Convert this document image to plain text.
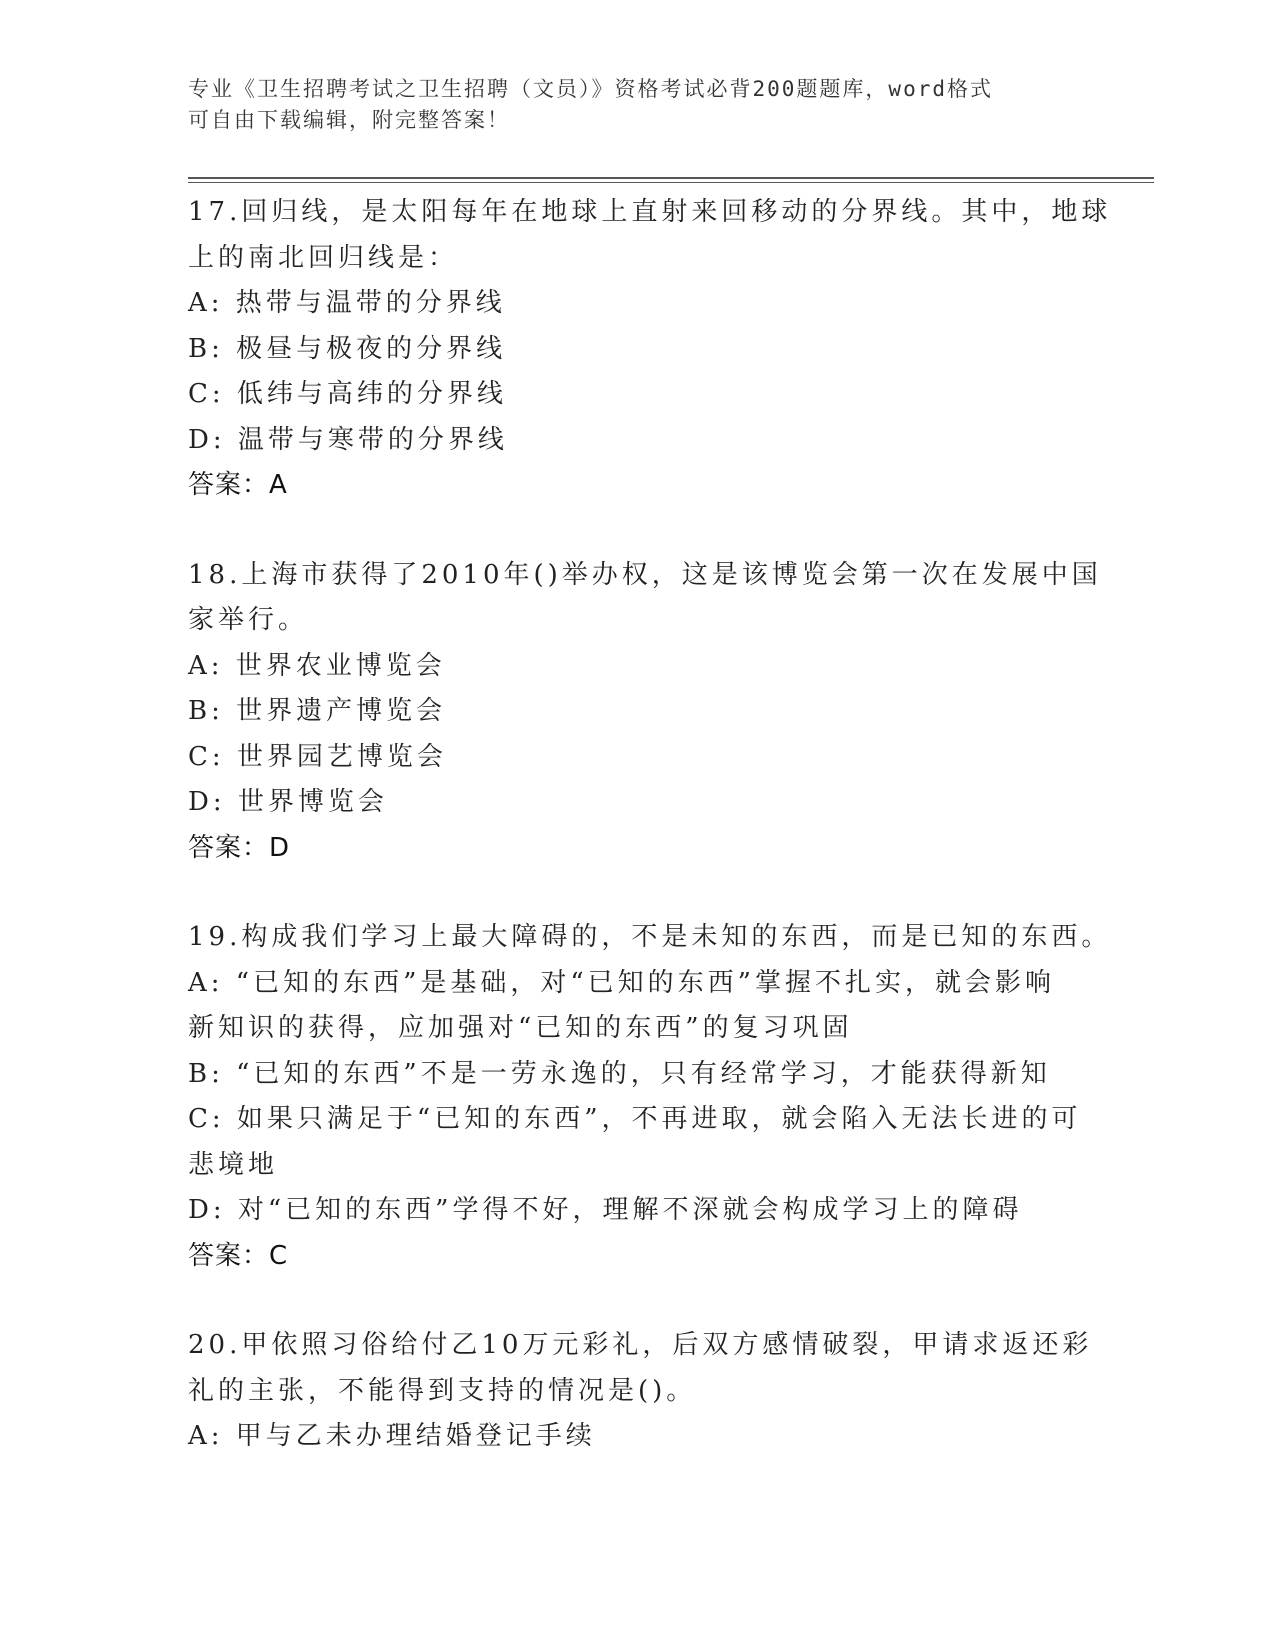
专业《卫生招聘考试之卫生招聘（文员）》资格考试必背200题题库，word格式
可自由下载编辑，附完整答案！
17.回归线，是太阳每年在地球上直射来回移动的分界线。其中，地球
上的南北回归线是：
A: 热带与温带的分界线
B: 极昼与极夜的分界线
C: 低纬与高纬的分界线
D: 温带与寒带的分界线
答案：A
18.上海市获得了2010年()举办权，这是该博览会第一次在发展中国
家举行。
A: 世界农业博览会
B: 世界遗产博览会
C: 世界园艺博览会
D: 世界博览会
答案：D
19.构成我们学习上最大障碍的，不是未知的东西，而是已知的东西。
A: “已知的东西”是基础，对“已知的东西”掌握不扎实，就会影响
新知识的获得，应加强对“已知的东西”的复习巩固
B: “已知的东西”不是一劳永逸的，只有经常学习，才能获得新知
C: 如果只满足于“已知的东西”，不再进取，就会陷入无法长进的可
悲境地
D: 对“已知的东西”学得不好，理解不深就会构成学习上的障碍
答案：C
20.甲依照习俗给付乙10万元彩礼，后双方感情破裂，甲请求返还彩
礼的主张，不能得到支持的情况是()。
A: 甲与乙未办理结婚登记手续
